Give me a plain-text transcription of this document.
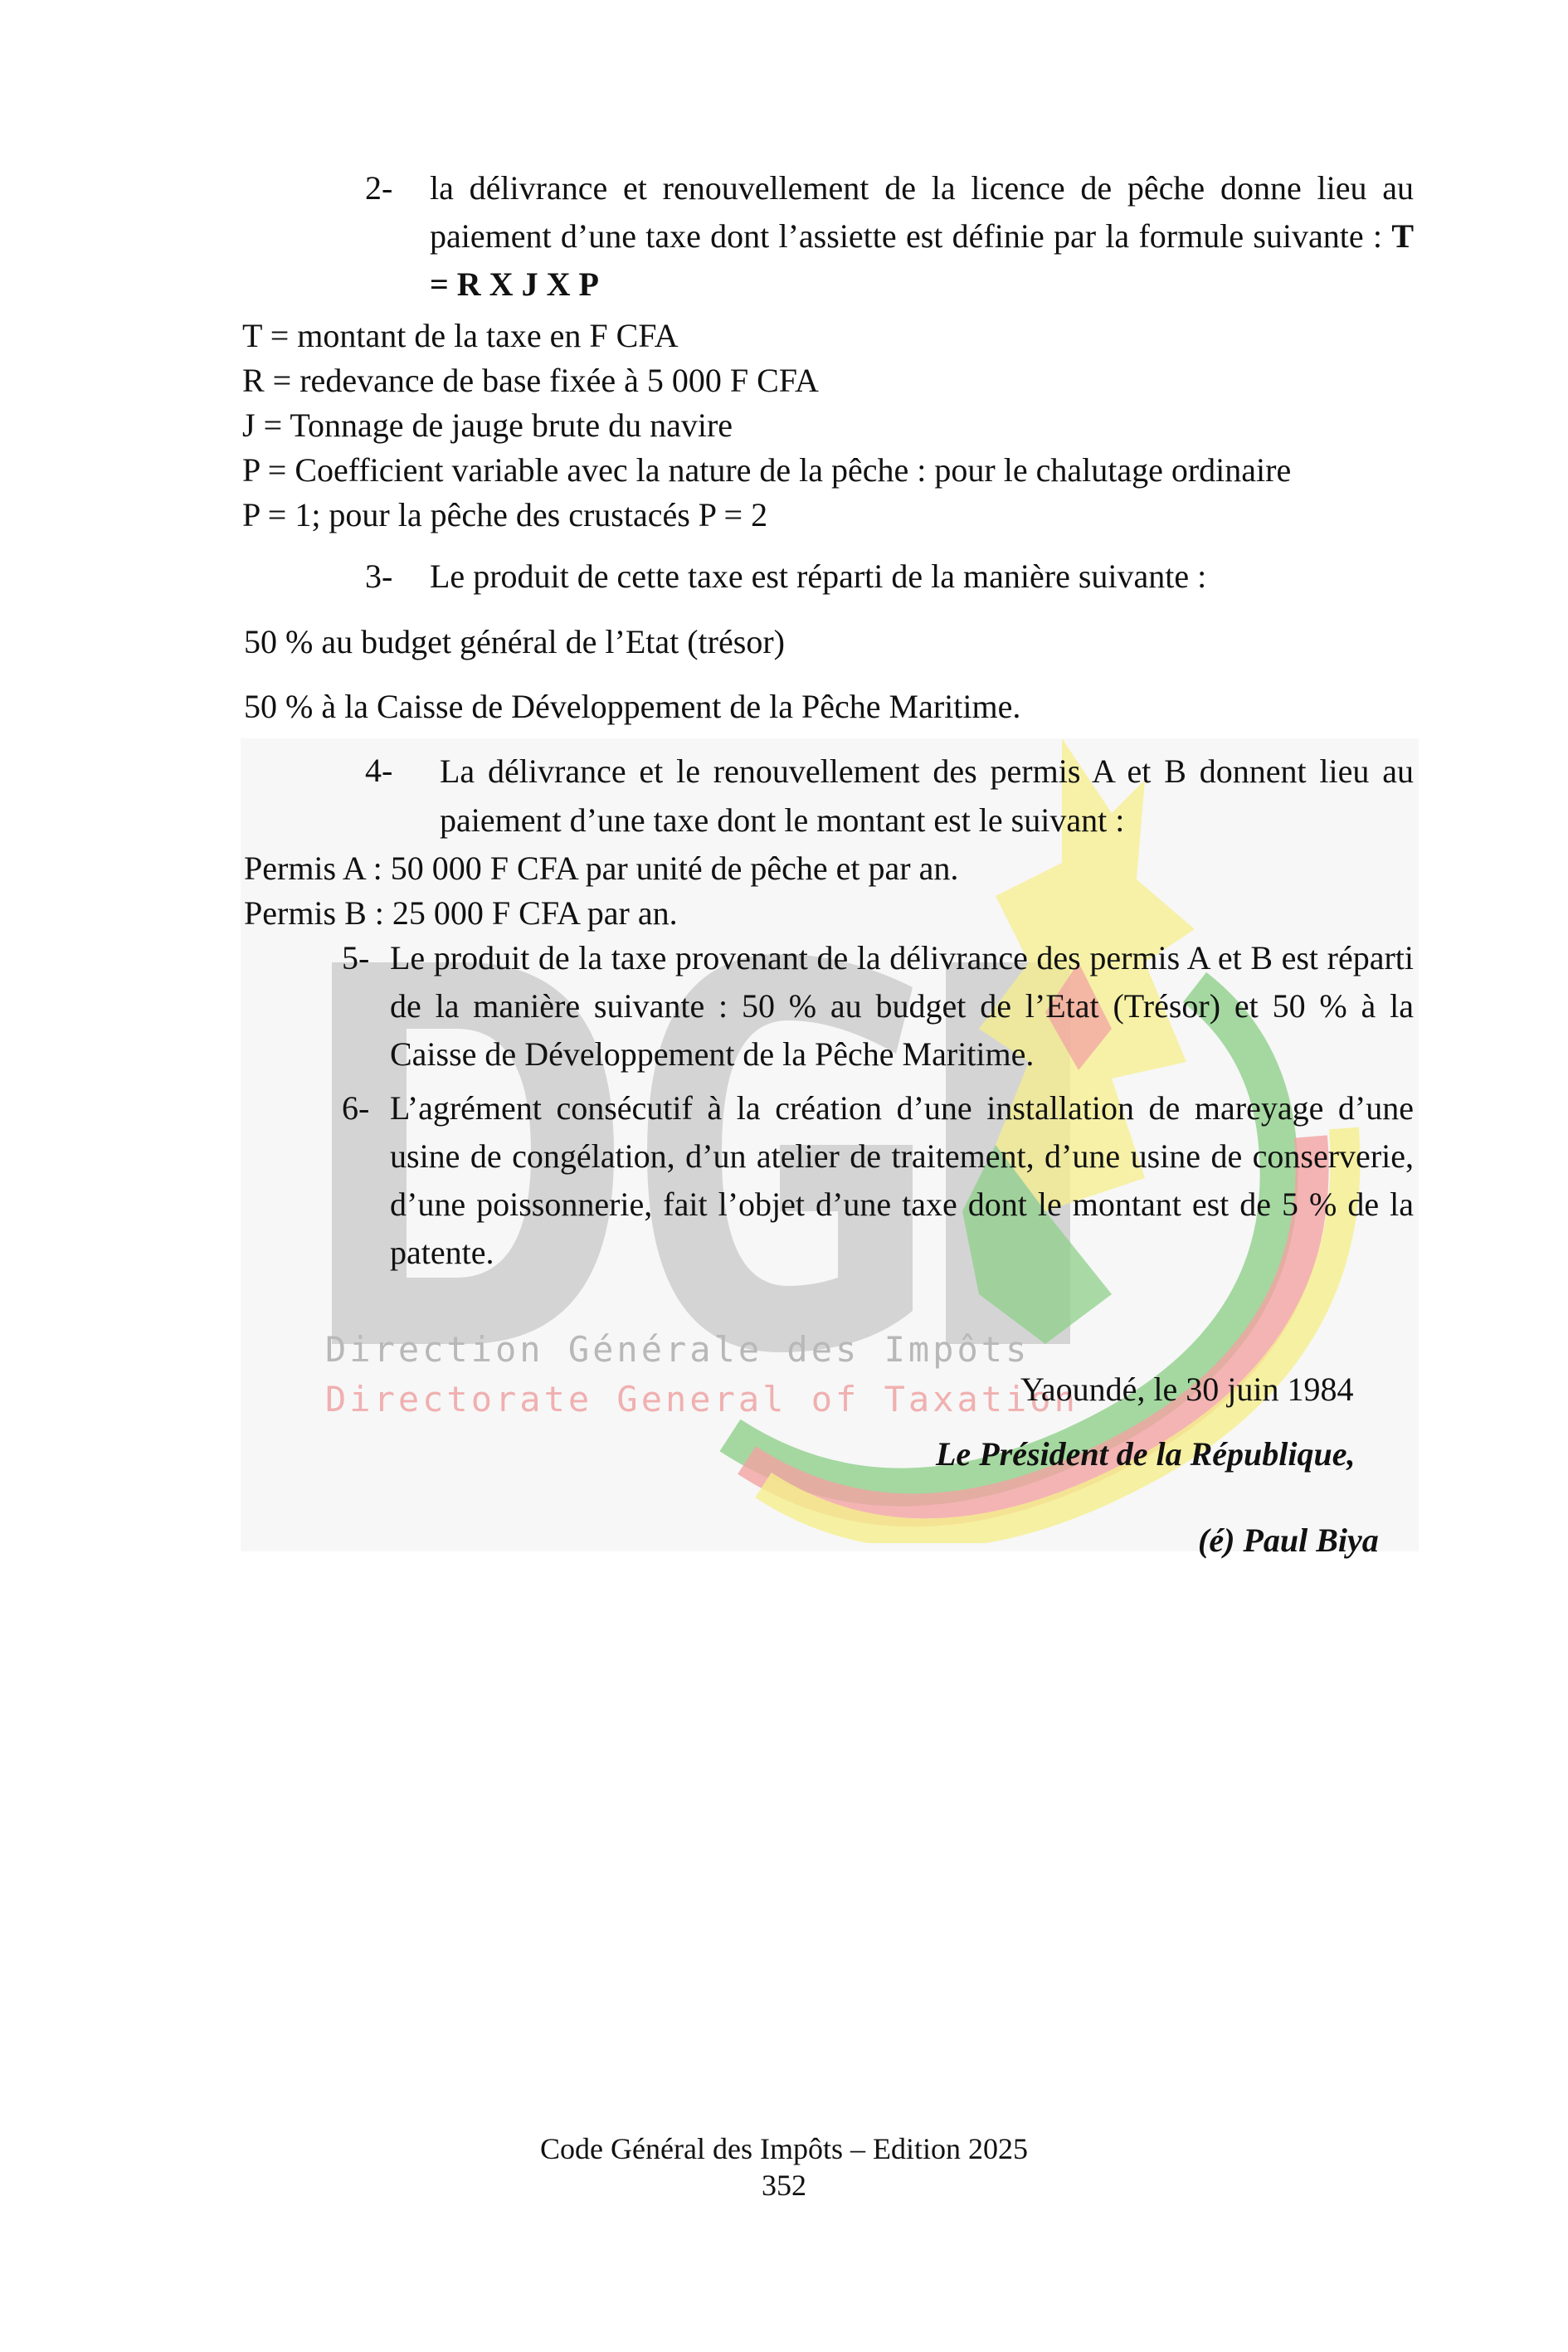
2- la délivrance et renouvellement de la licence de pêche donne lieu au paiement d’une taxe dont l’assiette est définie par la formule suivante : T = R X J X P
T = montant de la taxe en F CFA
R = redevance de base fixée à 5 000 F CFA
J = Tonnage de jauge brute du navire
P = Coefficient variable avec la nature de la pêche : pour le chalutage ordinaire
P = 1; pour la pêche des crustacés P = 2
3- Le produit de cette taxe est réparti de la manière suivante :
50 % au budget général de l’Etat (trésor)
50 % à la Caisse de Développement de la Pêche Maritime.
4- La délivrance et le renouvellement des permis A et B donnent lieu au paiement d’une taxe dont le montant est le suivant :
Permis A : 50 000 F CFA par unité de pêche et par an.
Permis B : 25 000 F CFA par an.
5- Le produit de la taxe provenant de la délivrance des permis A et B est réparti de la manière suivante : 50 % au budget de l’Etat (Trésor) et 50 % à la Caisse de Développement de la Pêche Maritime.
6- L’agrément consécutif à la création d’une installation de mareyage d’une usine de congélation, d’un atelier de traitement, d’une usine de conserverie, d’une poissonnerie, fait l’objet d’une taxe dont le montant est de 5 % de la patente.
Direction Générale des Impôts
Directorate General of Taxation
Yaoundé, le 30 juin 1984
Le Président de la République,
(é) Paul Biya
Code Général des Impôts – Edition 2025
352
